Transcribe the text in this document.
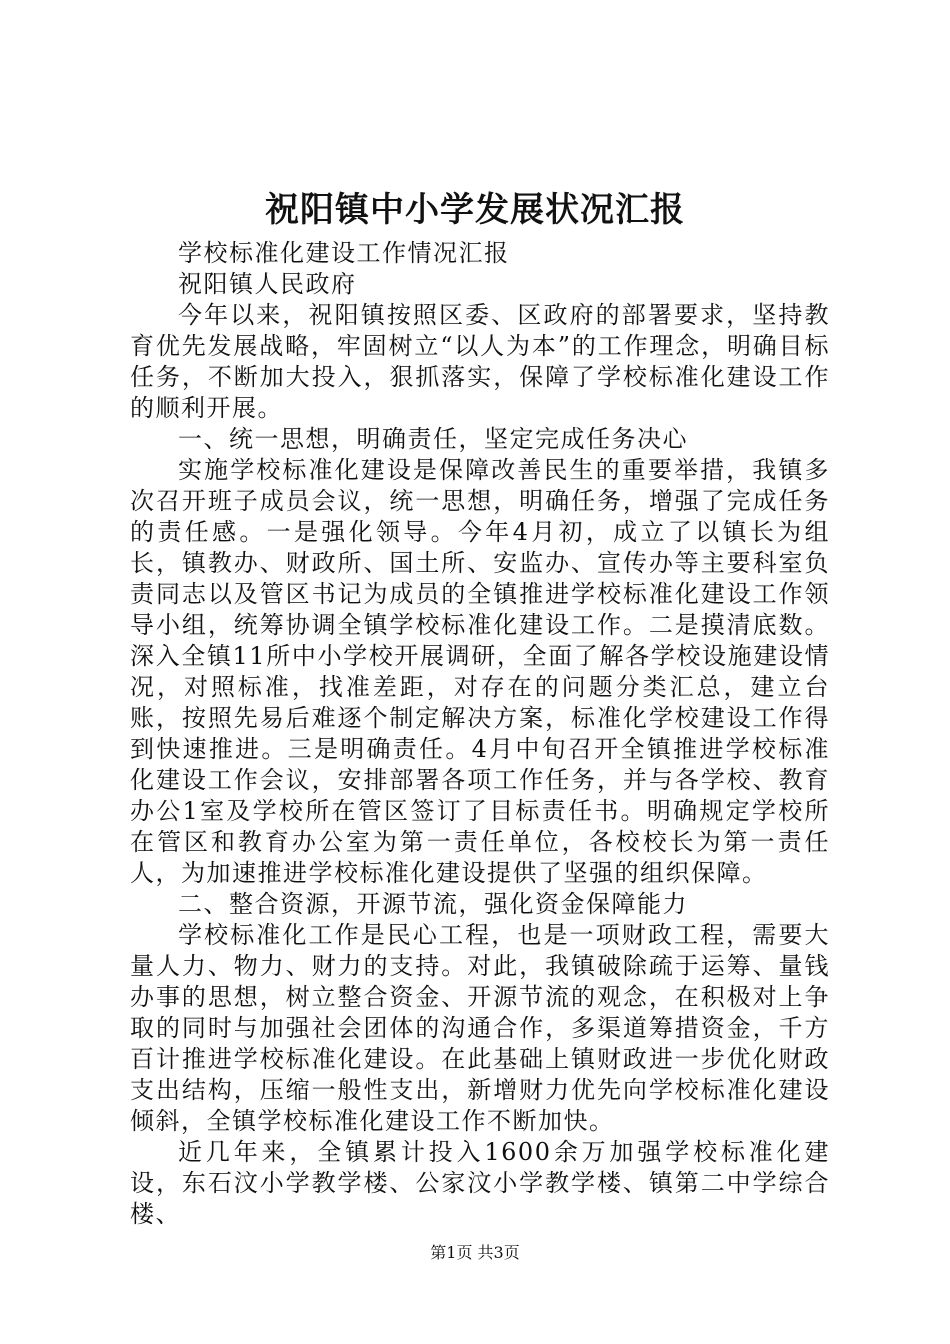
祝阳镇中小学发展状况汇报

学校标准化建设工作情况汇报

祝阳镇人民政府

今年以来，祝阳镇按照区委、区政府的部署要求，坚持教育优先发展战略，牢固树立“以人为本”的工作理念，明确目标任务，不断加大投入，狠抓落实，保障了学校标准化建设工作的顺利开展。

一、统一思想，明确责任，坚定完成任务决心

实施学校标准化建设是保障改善民生的重要举措，我镇多次召开班子成员会议，统一思想，明确任务，增强了完成任务的责任感。一是强化领导。今年4月初，成立了以镇长为组长，镇教办、财政所、国土所、安监办、宣传办等主要科室负责同志以及管区书记为成员的全镇推进学校标准化建设工作领导小组，统筹协调全镇学校标准化建设工作。二是摸清底数。深入全镇11所中小学校开展调研，全面了解各学校设施建设情况，对照标准，找准差距，对存在的问题分类汇总，建立台账，按照先易后难逐个制定解决方案，标准化学校建设工作得到快速推进。三是明确责任。4月中旬召开全镇推进学校标准化建设工作会议，安排部署各项工作任务，并与各学校、教育办公1室及学校所在管区签订了目标责任书。明确规定学校所在管区和教育办公室为第一责任单位，各校校长为第一责任人，为加速推进学校标准化建设提供了坚强的组织保障。

二、整合资源，开源节流，强化资金保障能力

学校标准化工作是民心工程，也是一项财政工程，需要大量人力、物力、财力的支持。对此，我镇破除疏于运筹、量钱办事的思想，树立整合资金、开源节流的观念，在积极对上争取的同时与加强社会团体的沟通合作，多渠道筹措资金，千方百计推进学校标准化建设。在此基础上镇财政进一步优化财政支出结构，压缩一般性支出，新增财力优先向学校标准化建设倾斜，全镇学校标准化建设工作不断加快。

近几年来，全镇累计投入1600余万加强学校标准化建设，东石汶小学教学楼、公家汶小学教学楼、镇第二中学综合楼、

第1页 共3页
